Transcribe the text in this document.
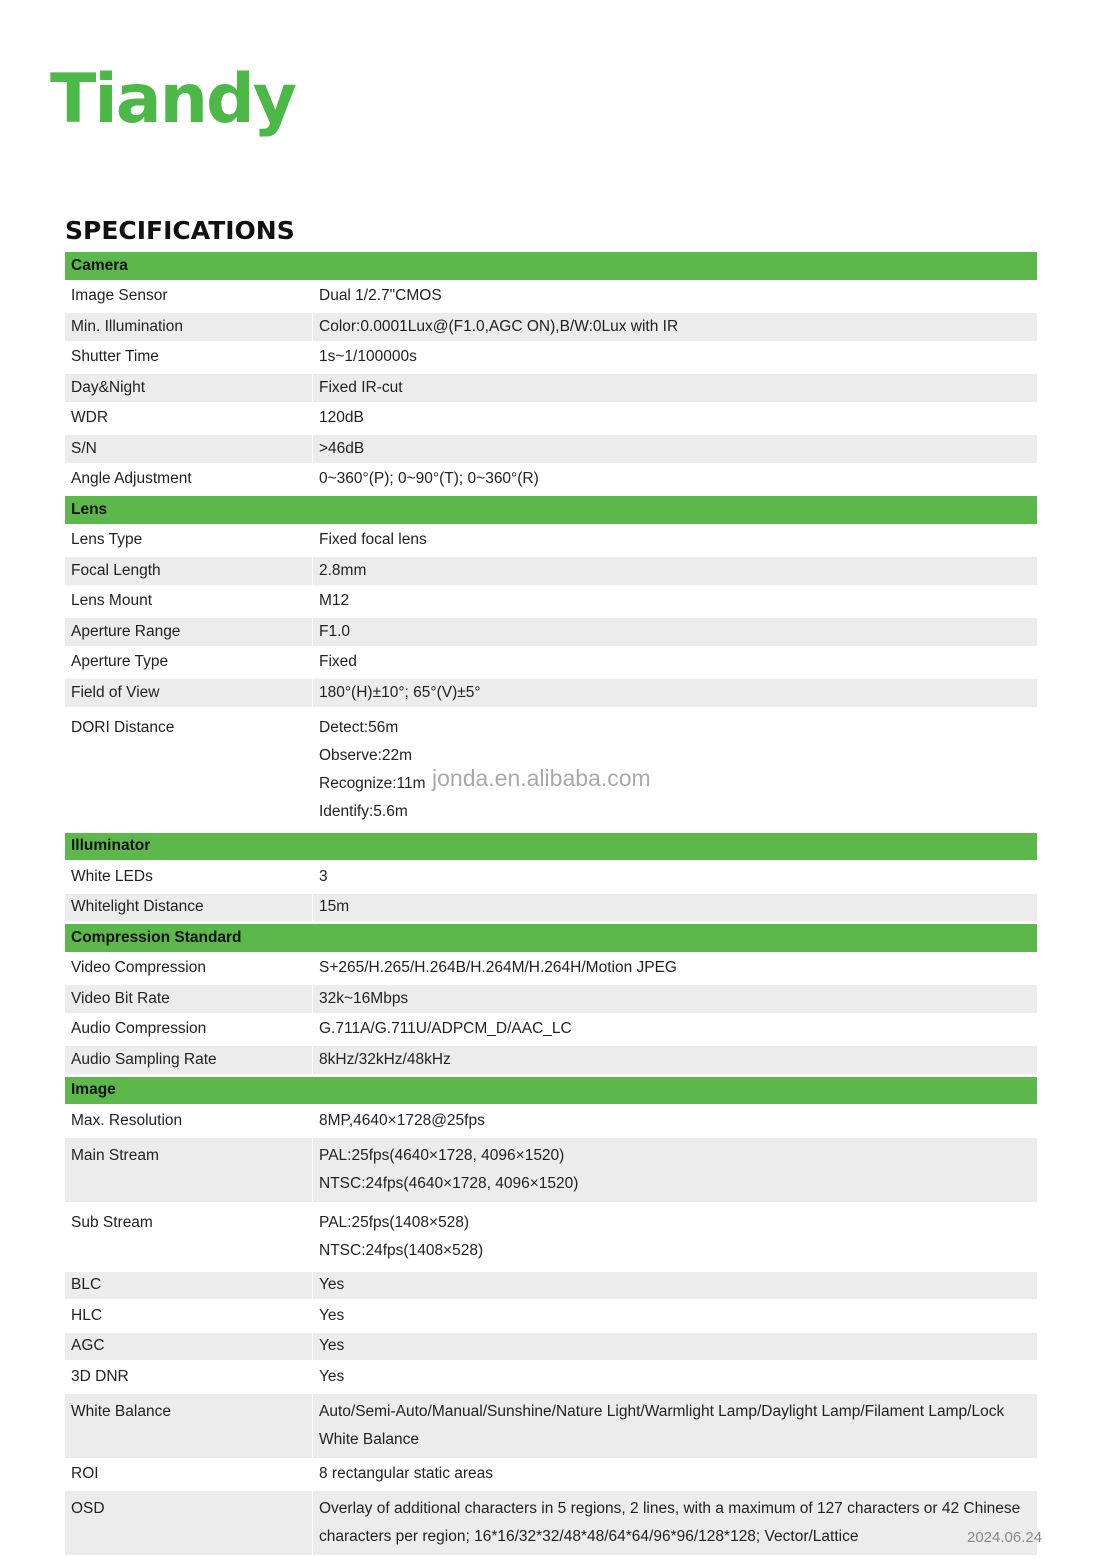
Tiandy
SPECIFICATIONS
Camera
Image Sensor	Dual 1/2.7"CMOS
Min. Illumination	Color:0.0001Lux@(F1.0,AGC ON),B/W:0Lux with IR
Shutter Time	1s~1/100000s
Day&Night	Fixed IR-cut
WDR	120dB
S/N	>46dB
Angle Adjustment	0~360°(P); 0~90°(T); 0~360°(R)
Lens
Lens Type	Fixed focal lens
Focal Length	2.8mm
Lens Mount	M12
Aperture Range	F1.0
Aperture Type	Fixed
Field of View	180°(H)±10°; 65°(V)±5°
DORI Distance	Detect:56m
Observe:22m
Recognize:11m
Identify:5.6m
Illuminator
White LEDs	3
Whitelight Distance	15m
Compression Standard
Video Compression	S+265/H.265/H.264B/H.264M/H.264H/Motion JPEG
Video Bit Rate	32k~16Mbps
Audio Compression	G.711A/G.711U/ADPCM_D/AAC_LC
Audio Sampling Rate	8kHz/32kHz/48kHz
Image
Max. Resolution	8MP,4640×1728@25fps
Main Stream	PAL:25fps(4640×1728, 4096×1520)
NTSC:24fps(4640×1728, 4096×1520)
Sub Stream	PAL:25fps(1408×528)
NTSC:24fps(1408×528)
BLC	Yes
HLC	Yes
AGC	Yes
3D DNR	Yes
White Balance	Auto/Semi-Auto/Manual/Sunshine/Nature Light/Warmlight Lamp/Daylight Lamp/Filament Lamp/Lock
White Balance
ROI	8 rectangular static areas
OSD	Overlay of additional characters in 5 regions, 2 lines, with a maximum of 127 characters or 42 Chinese
characters per region; 16*16/32*32/48*48/64*64/96*96/128*128; Vector/Lattice
jonda.en.alibaba.com
2024.06.24
